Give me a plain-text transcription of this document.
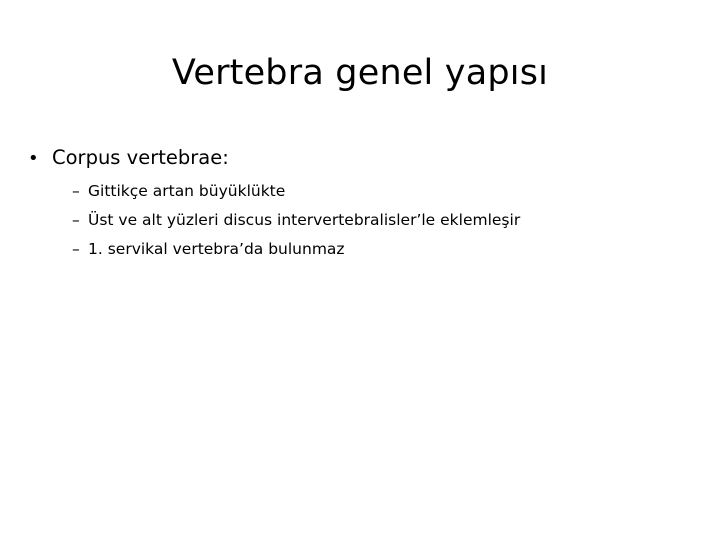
Vertebra genel yapısı
• Corpus vertebrae:
– Gittikçe artan büyüklükte
– Üst ve alt yüzleri discus intervertebralisler’le eklemleşir
– 1. servikal vertebra’da bulunmaz
